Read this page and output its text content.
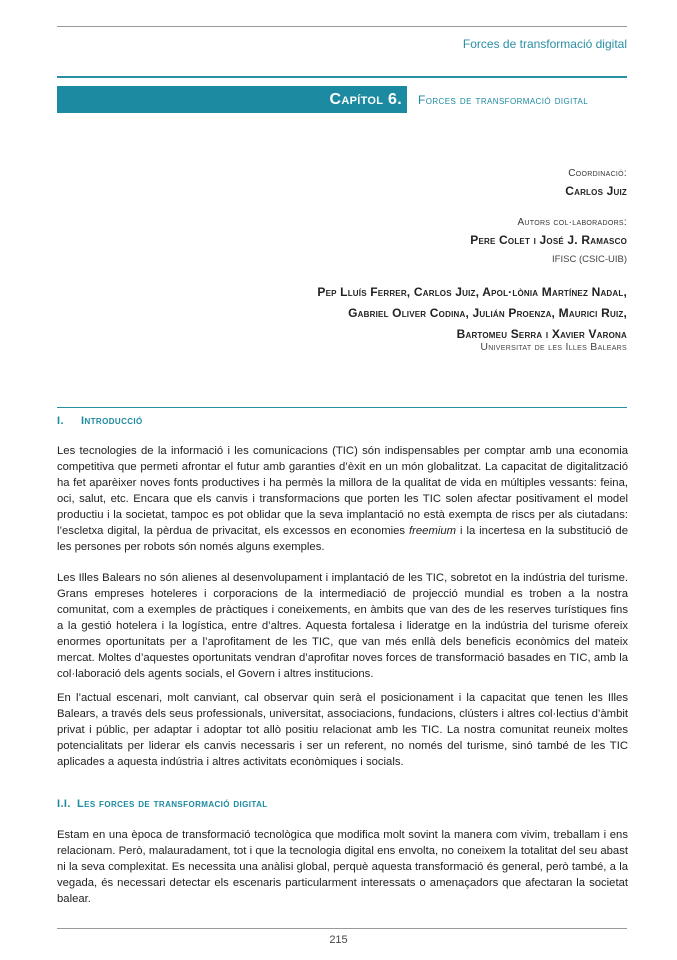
Forces de transformació digital
Capítol 6. Forces de transformació digital
Coordinació:
Carlos Juiz
Autors col·laboradors:
Pere Colet i José J. Ramasco
IFISC (CSIC-UIB)
Pep Lluís Ferrer, Carlos Juiz, Apol·lònia Martínez Nadal,
Gabriel Oliver Codina, Julián Proenza, Maurici Ruiz,
Bartomeu Serra i Xavier Varona
Universitat de les Illes Balears
I. Introducció

Les tecnologies de la informació i les comunicacions (TIC) són indispensables per comptar amb una economia competitiva que permeti afrontar el futur amb garanties d’èxit en un món globalitzat. La capacitat de digitalització ha fet aparèixer noves fonts productives i ha permès la millora de la qualitat de vida en múltiples vessants: feina, oci, salut, etc. Encara que els canvis i transformacions que porten les TIC solen afectar positivament el model productiu i la societat, tampoc es pot oblidar que la seva implantació no està exempta de riscs per als ciutadans: l’escletxa digital, la pèrdua de privacitat, els excessos en economies freemium i la incertesa en la substitució de les persones per robots són només alguns exemples.

Les Illes Balears no són alienes al desenvolupament i implantació de les TIC, sobretot en la indústria del turisme. Grans empreses hoteleres i corporacions de la intermediació de projecció mundial es troben a la nostra comunitat, com a exemples de pràctiques i coneixements, en àmbits que van des de les reserves turístiques fins a la gestió hotelera i la logística, entre d’altres. Aquesta fortalesa i lideratge en la indústria del turisme ofereix enormes oportunitats per a l’aprofitament de les TIC, que van més enllà dels beneficis econòmics del mateix mercat. Moltes d’aquestes oportunitats vendran d’aprofitar noves forces de transformació basades en TIC, amb la col·laboració dels agents socials, el Govern i altres institucions.

En l’actual escenari, molt canviant, cal observar quin serà el posicionament i la capacitat que tenen les Illes Balears, a través dels seus professionals, universitat, associacions, fundacions, clústers i altres col·lectius d’àmbit privat i públic, per adaptar i adoptar tot allò positiu relacionat amb les TIC. La nostra comunitat reuneix moltes potencialitats per liderar els canvis necessaris i ser un referent, no només del turisme, sinó també de les TIC aplicades a aquesta indústria i altres activitats econòmiques i socials.

I.I. Les forces de transformació digital

Estam en una època de transformació tecnològica que modifica molt sovint la manera com vivim, treballam i ens relacionam. Però, malauradament, tot i que la tecnologia digital ens envolta, no coneixem la totalitat del seu abast ni la seva complexitat. Es necessita una anàlisi global, perquè aquesta transformació és general, però també, a la vegada, és necessari detectar els escenaris particularment interessats o amenaçadors que afectaran la societat balear.

215
